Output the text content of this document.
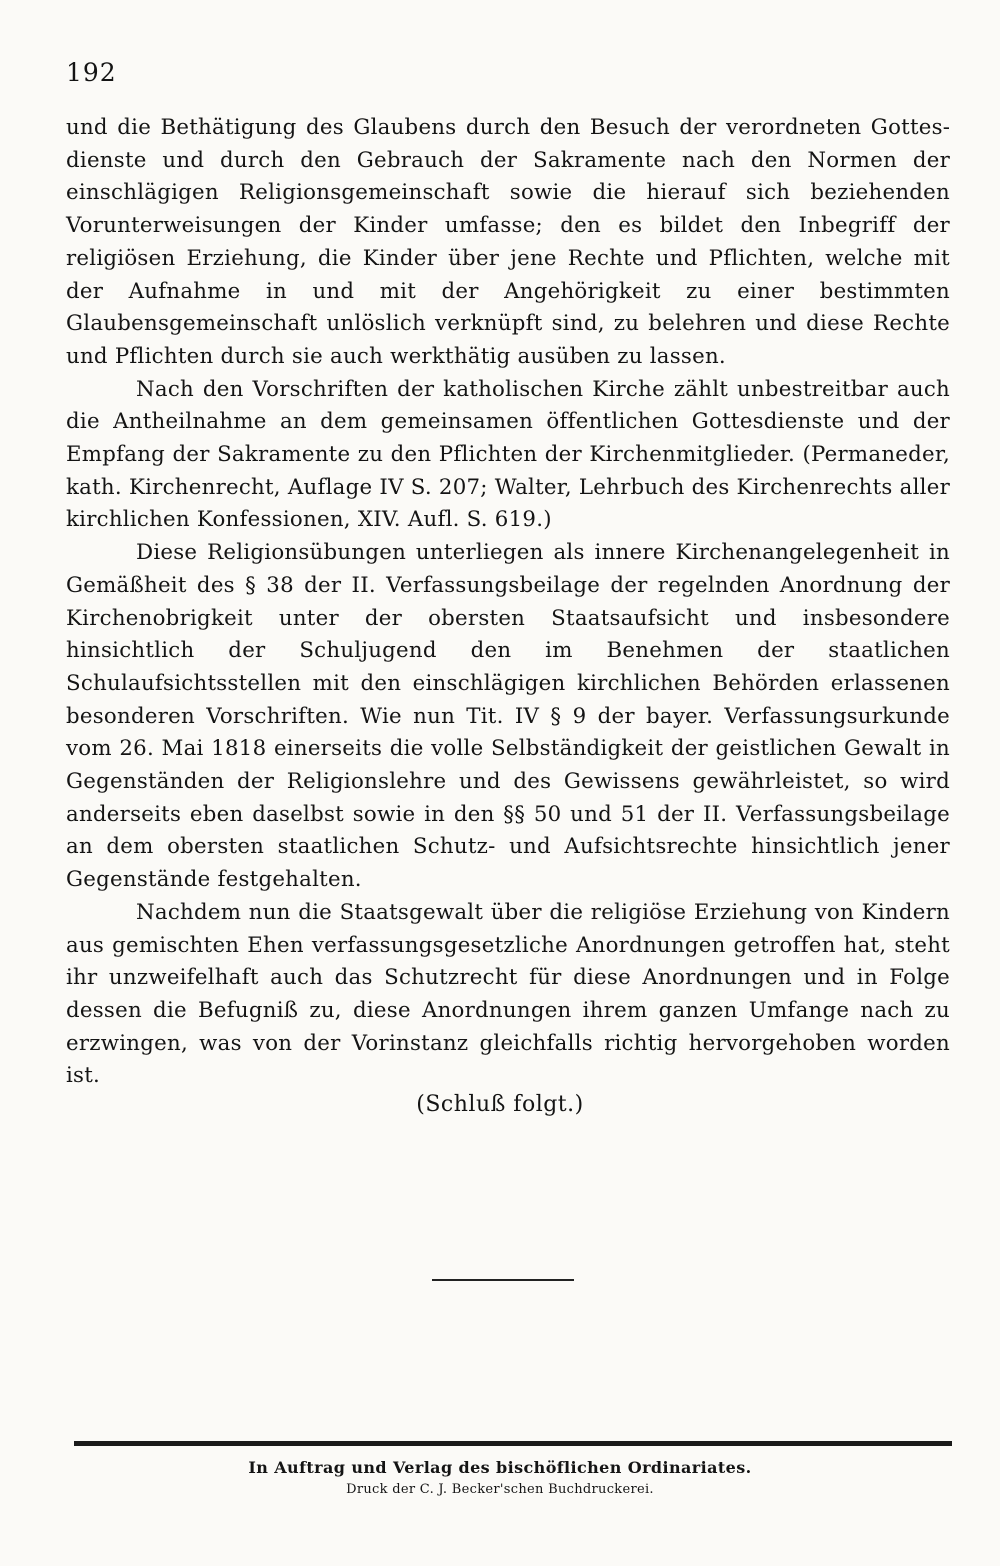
192

und die Bethätigung des Glaubens durch den Besuch der verordneten Gottesdienste und durch den Gebrauch der Sakramente nach den Normen der einschlägigen Religionsgemeinschaft sowie die hierauf sich beziehenden Vorunterweisungen der Kinder umfasse; den es bildet den Inbegriff der religiösen Erziehung, die Kinder über jene Rechte und Pflichten, welche mit der Aufnahme in und mit der Angehörigkeit zu einer bestimmten Glaubensgemeinschaft unlöslich verknüpft sind, zu belehren und diese Rechte und Pflichten durch sie auch werkthätig ausüben zu lassen.

Nach den Vorschriften der katholischen Kirche zählt unbestreitbar auch die Antheilnahme an dem gemeinsamen öffentlichen Gottesdienste und der Empfang der Sakramente zu den Pflichten der Kirchenmitglieder. (Permaneder, kath. Kirchenrecht, Auflage IV S. 207; Walter, Lehrbuch des Kirchenrechts aller kirchlichen Konfessionen, XIV. Aufl. S. 619.)

Diese Religionsübungen unterliegen als innere Kirchenangelegenheit in Gemäßheit des § 38 der II. Verfassungsbeilage der regelnden Anordnung der Kirchenobrigkeit unter der obersten Staatsaufsicht und insbesondere hinsichtlich der Schuljugend den im Benehmen der staatlichen Schulaufsichtsstellen mit den einschlägigen kirchlichen Behörden erlassenen besonderen Vorschriften. Wie nun Tit. IV § 9 der bayer. Verfassungsurkunde vom 26. Mai 1818 einerseits die volle Selbständigkeit der geistlichen Gewalt in Gegenständen der Religionslehre und des Gewissens gewährleistet, so wird anderseits eben daselbst sowie in den §§ 50 und 51 der II. Verfassungsbeilage an dem obersten staatlichen Schutz- und Aufsichtsrechte hinsichtlich jener Gegenstände festgehalten.

Nachdem nun die Staatsgewalt über die religiöse Erziehung von Kindern aus gemischten Ehen verfassungsgesetzliche Anordnungen getroffen hat, steht ihr unzweifelhaft auch das Schutzrecht für diese Anordnungen und in Folge dessen die Befugniß zu, diese Anordnungen ihrem ganzen Umfange nach zu erzwingen, was von der Vorinstanz gleichfalls richtig hervorgehoben worden ist.

(Schluß folgt.)

In Auftrag und Verlag des bischöflichen Ordinariates.

Druck der C. J. Becker'schen Buchdruckerei.
